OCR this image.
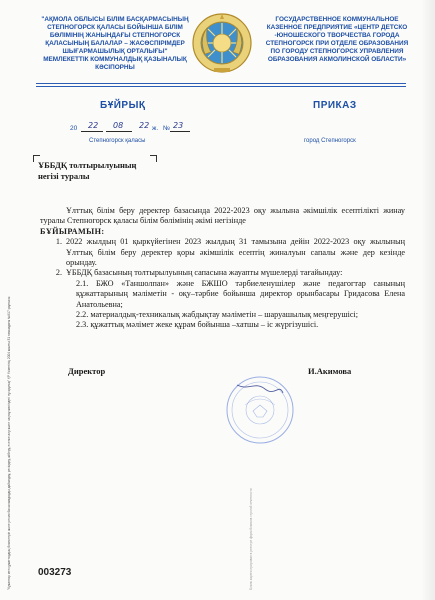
"АҚМОЛА ОБЛЫСЫ БІЛІМ БАСҚАРМАСЫНЫҢ СТЕПНОГОРСК ҚАЛАСЫ БОЙЫНША БІЛІМ БӨЛІМІНІҢ ЖАНЫНДАҒЫ СТЕПНОГОРСК ҚАЛАСЫНЫҢ БАЛАЛАР – ЖАСӨСПІРІМДЕР ШЫҒАРМАШЫЛЫҚ ОРТАЛЫҒЫ" МЕМЛЕКЕТТІК КОММУНАЛДЫҚ ҚАЗЫНАЛЫҚ КӘСІПОРНЫ
ГОСУДАРСТВЕННОЕ КОММУНАЛЬНОЕ КАЗЕННОЕ ПРЕДПРИЯТИЕ «ЦЕНТР ДЕТСКО -ЮНОШЕСКОГО ТВОРЧЕСТВА ГОРОДА СТЕПНОГОРСК ПРИ ОТДЕЛЕ ОБРАЗОВАНИЯ ПО ГОРОДУ СТЕПНОГОРСК УПРАВЛЕНИЯ ОБРАЗОВАНИЯ АКМОЛИНСКОЙ ОБЛАСТИ»
БҰЙРЫҚ	ПРИКАЗ
20 22 08 22 ж. № 23
Степногорск қаласы	город Степногорск
ҰББДҚ толтырылуының
негізі туралы

Ұлттық білім беру деректер базасында 2022-2023 оқу жылына әкімшілік есептілікті жинау туралы Степногорск қаласы білім бөлімінің әкімі негізінде

БҰЙЫРАМЫН:

1. 2022 жылдың 01 қыркүйегінен 2023 жылдың 31 тамызына дейін 2022-2023 оқу жылының Ұлттық білім беру деректер қоры әкімшілік есептің жиналуын сапалы және дер кезінде орындау.
2. ҰББДҚ базасының толтырылуының сапасына жауапты мүшелерді тағайындау:

2.1. БЖО «Таншолпан» және БЖШО тәрбиеленушілер және педагогтар санының құжаттарының мәліметін - оқу–тәрбие бойынша директор орынбасары Гридасова Елена Анатольевна;

2.2. материалдық-техникалық жабдықтау мәліметін – шаруашылық меңгерушісі;

2.3. құжаттық мәлімет жеке құрам бойынша –хатшы – іс жүргізушісі.

Директор	И.Акимова
"Кұжаттар мен құжаттардың бланктерін және ресми басылымдарды дайындау, ресімдеу, жіберу, есепке алу және сақтау жөніндегі нұсқаулық" ҚР Үкіметінің 2004 жылғы 31 тамыздағы №917 қаулысы	Бланк зарегистрирован в реестре форм бланков строгой отчетности
003273
